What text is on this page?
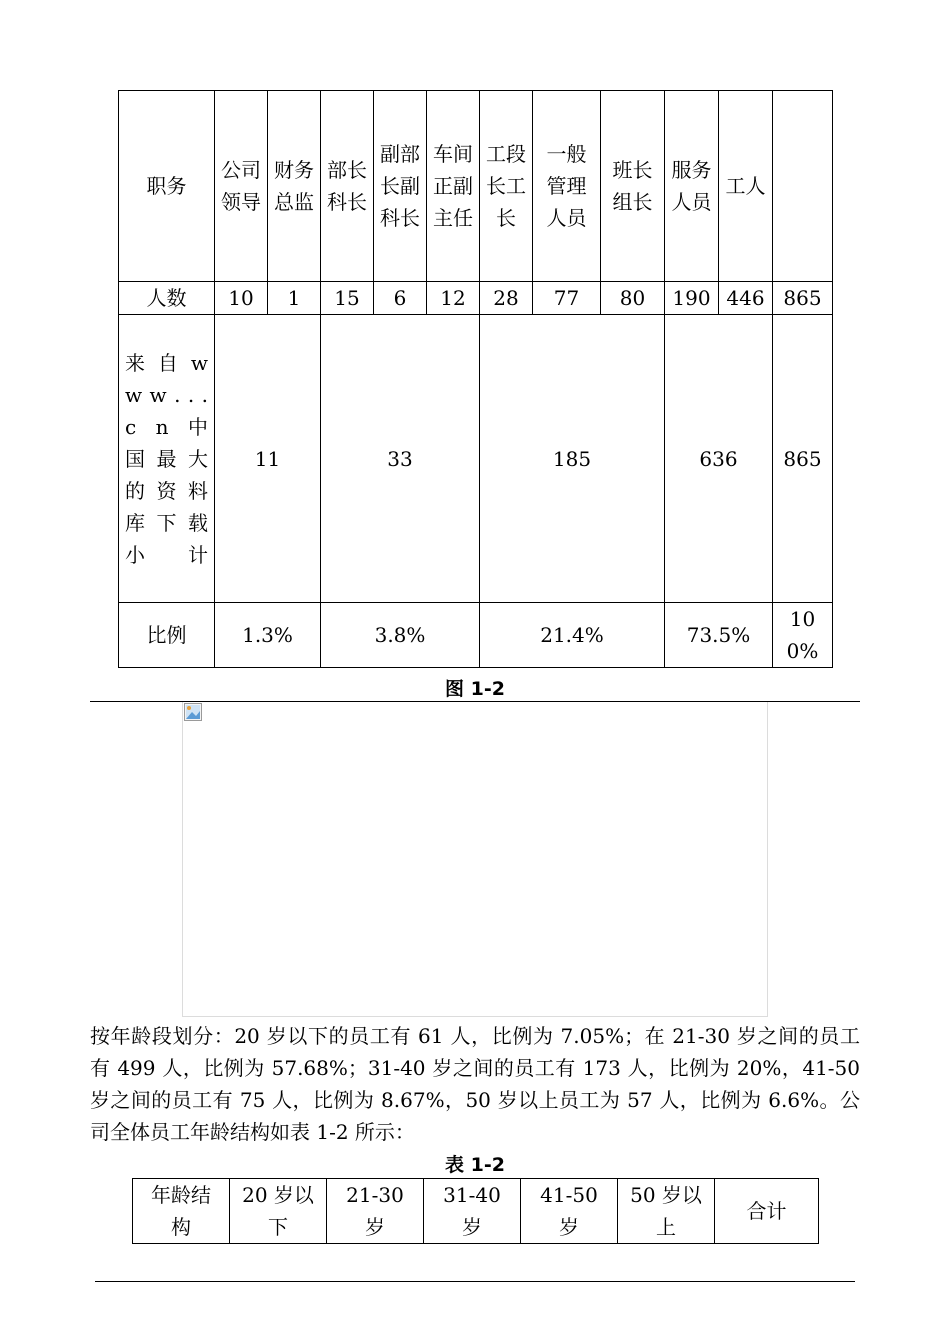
职务	公司领导	财务总监	部长科长	副部长副科长	车间正副主任	工段长工长	一般管理人员	班长组长	服务人员	工人	
人数	10	1	15	6	12	28	77	80	190	446	865
来 自 w w w . . . c n 中 国 最 大 的 资 料库 下 载小计	11		33			185			636		865
比例	1.3%		3.8%			21.4%			73.5%		100%
图 1-2
按年龄段划分：20 岁以下的员工有 61 人，比例为 7.05%；在 21-30 岁之间的员工有 499 人，比例为 57.68%；31-40 岁之间的员工有 173 人，比例为 20%，41-50 岁之间的员工有 75 人，比例为 8.67%，50 岁以上员工为 57 人，比例为 6.6%。公司全体员工年龄结构如表 1-2 所示：
表 1-2
年龄结构	20 岁以下	21-30 岁	31-40 岁	41-50 岁	50 岁以上	合计
